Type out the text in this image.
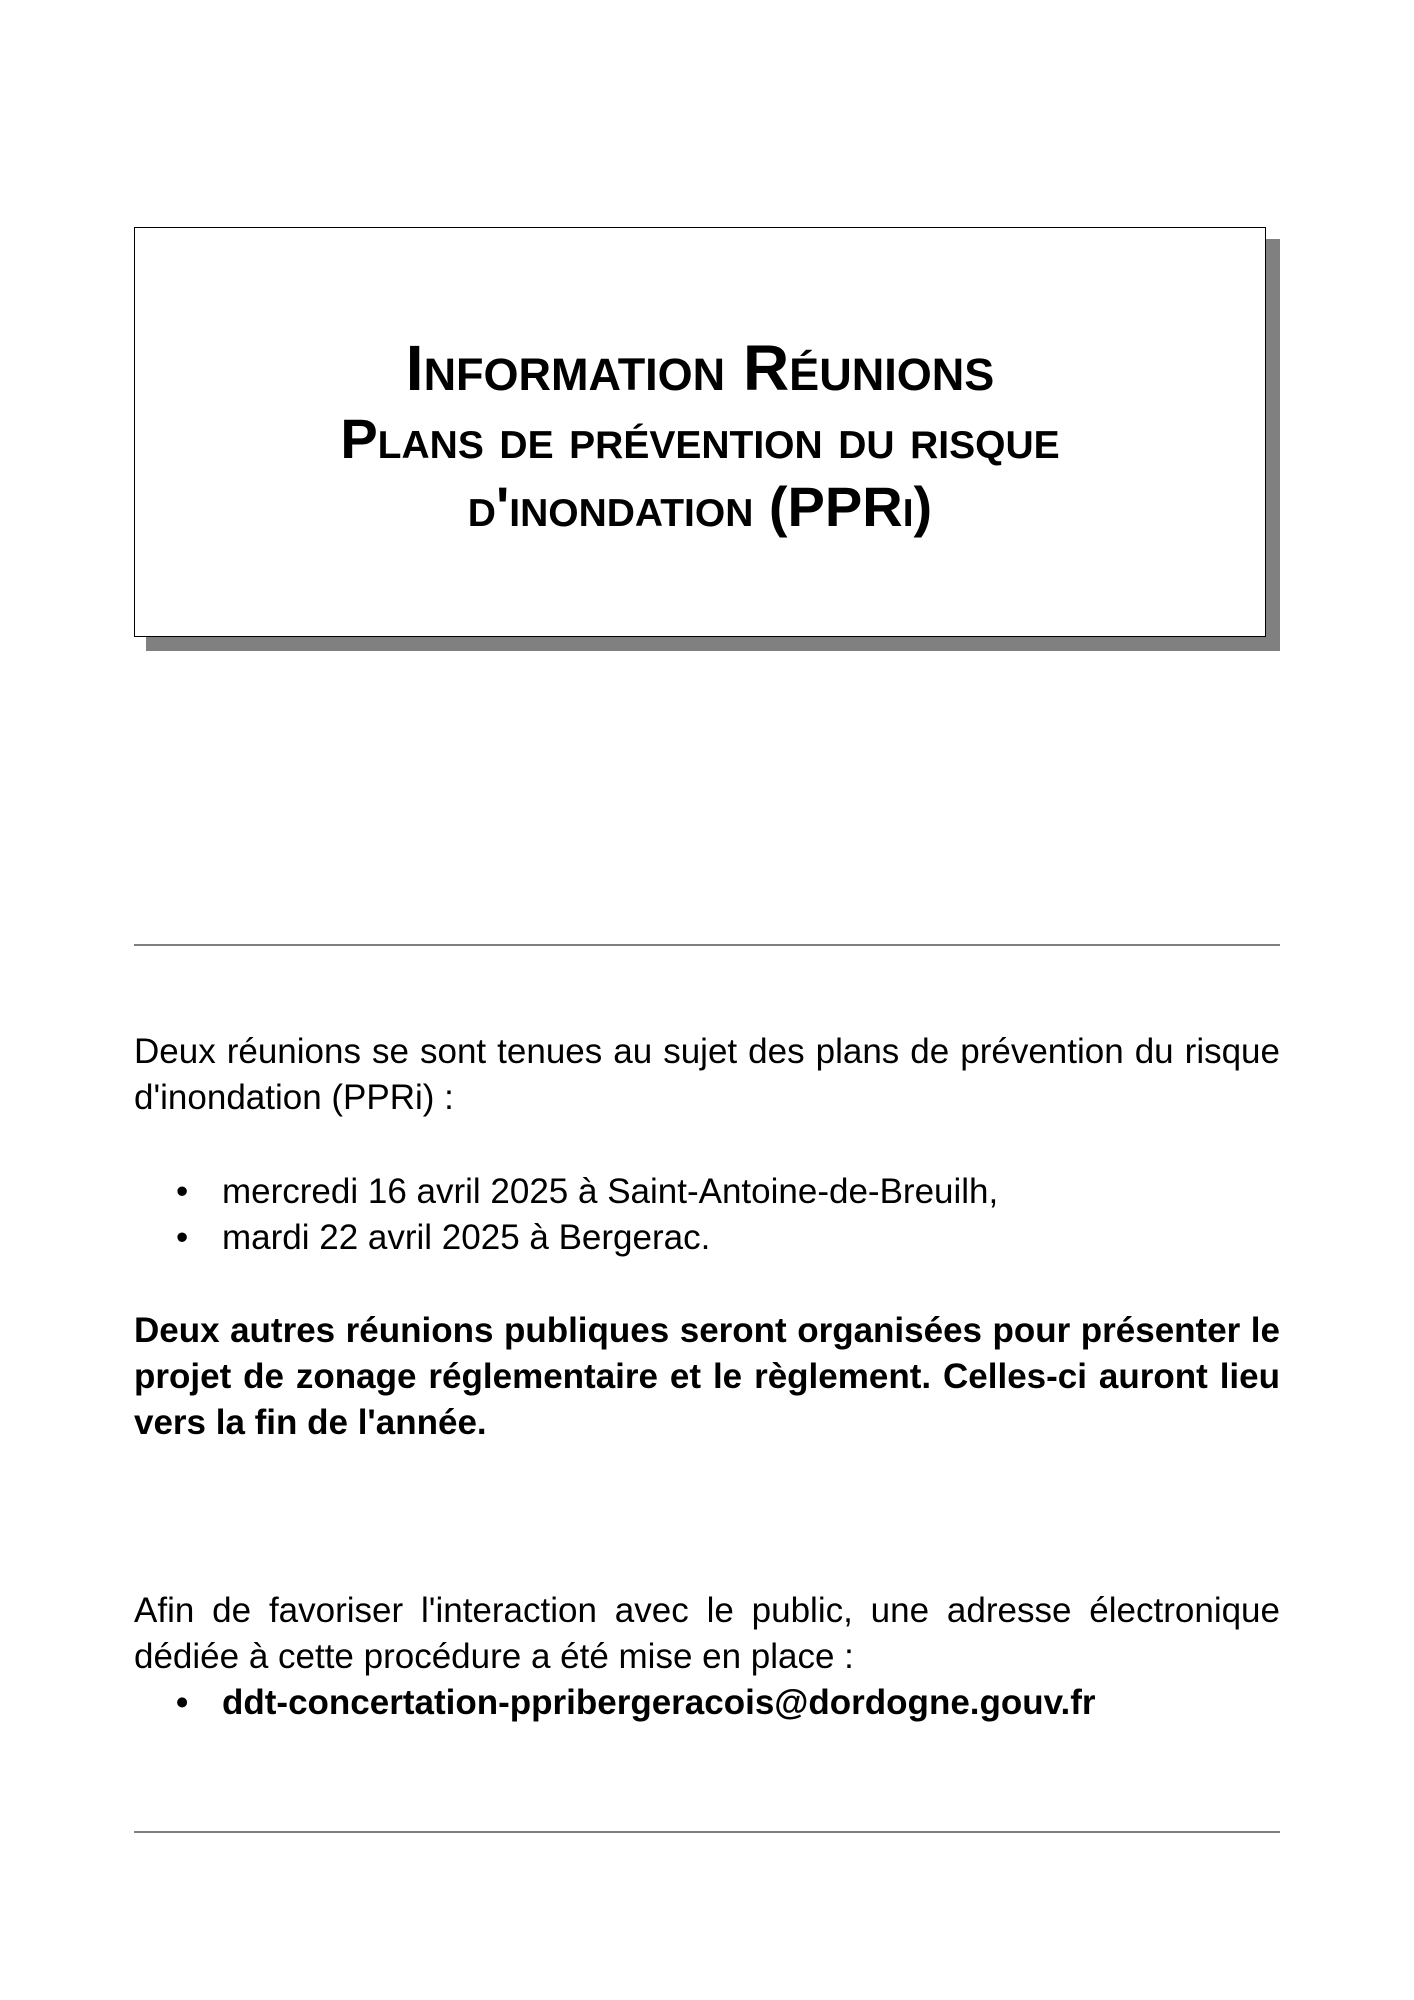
Information Réunions
Plans de prévention du risque
d'inondation (PPRi)

Deux réunions se sont tenues au sujet des plans de prévention du risque d'inondation (PPRi) :

• mercredi 16 avril 2025 à Saint-Antoine-de-Breuilh,
• mardi 22 avril 2025 à Bergerac.

Deux autres réunions publiques seront organisées pour présenter le projet de zonage réglementaire et le règlement. Celles-ci auront lieu vers la fin de l'année.

Afin de favoriser l'interaction avec le public, une adresse électronique dédiée à cette procédure a été mise en place :

• ddt-concertation-ppribergeracois@dordogne.gouv.fr
